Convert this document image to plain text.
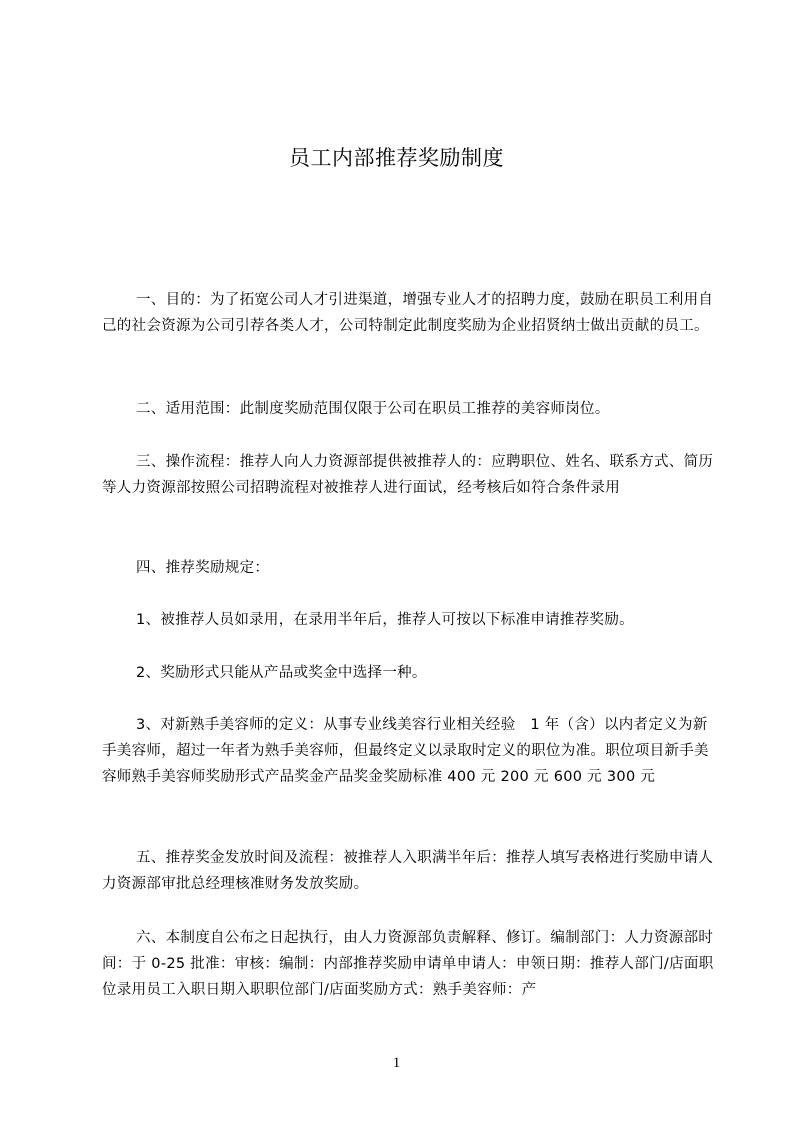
员工内部推荐奖励制度

一、目的：为了拓宽公司人才引进渠道，增强专业人才的招聘力度，鼓励在职员工利用自己的社会资源为公司引荐各类人才，公司特制定此制度奖励为企业招贤纳士做出贡献的员工。

二、适用范围：此制度奖励范围仅限于公司在职员工推荐的美容师岗位。

三、操作流程：推荐人向人力资源部提供被推荐人的：应聘职位、姓名、联系方式、简历等人力资源部按照公司招聘流程对被推荐人进行面试，经考核后如符合条件录用

四、推荐奖励规定：

1、被推荐人员如录用，在录用半年后，推荐人可按以下标准申请推荐奖励。

2、奖励形式只能从产品或奖金中选择一种。

3、对新熟手美容师的定义：从事专业线美容行业相关经验　1 年（含）以内者定义为新手美容师，超过一年者为熟手美容师，但最终定义以录取时定义的职位为准。职位项目新手美容师熟手美容师奖励形式产品奖金产品奖金奖励标准 400 元 200 元 600 元 300 元

五、推荐奖金发放时间及流程：被推荐人入职满半年后：推荐人填写表格进行奖励申请人力资源部审批总经理核准财务发放奖励。

六、本制度自公布之日起执行，由人力资源部负责解释、修订。编制部门：人力资源部时间：于 0-25 批准：审核：编制：内部推荐奖励申请单申请人：申领日期：推荐人部门/店面职位录用员工入职日期入职职位部门/店面奖励方式：熟手美容师：产

1
